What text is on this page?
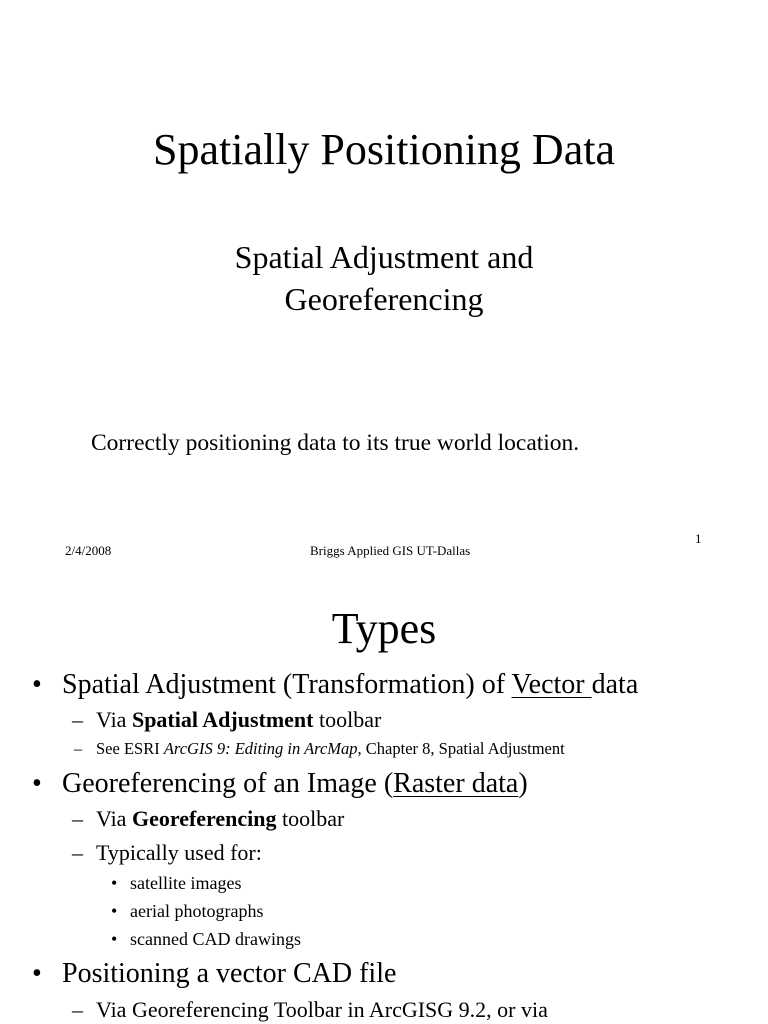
Spatially Positioning Data
Spatial Adjustment and
Georeferencing
Correctly positioning data to its true world location.
2/4/2008	Briggs Applied GIS UT-Dallas
1
Types
• Spatial Adjustment (Transformation) of Vector data
– Via Spatial Adjustment toolbar
– See ESRI ArcGIS 9: Editing in ArcMap, Chapter 8, Spatial Adjustment
• Georeferencing of an Image (Raster data)
– Via Georeferencing toolbar
– Typically used for:
• satellite images
• aerial photographs
• scanned CAD drawings
• Positioning a vector CAD file
– Via Georeferencing Toolbar in ArcGISG 9.2, or via
